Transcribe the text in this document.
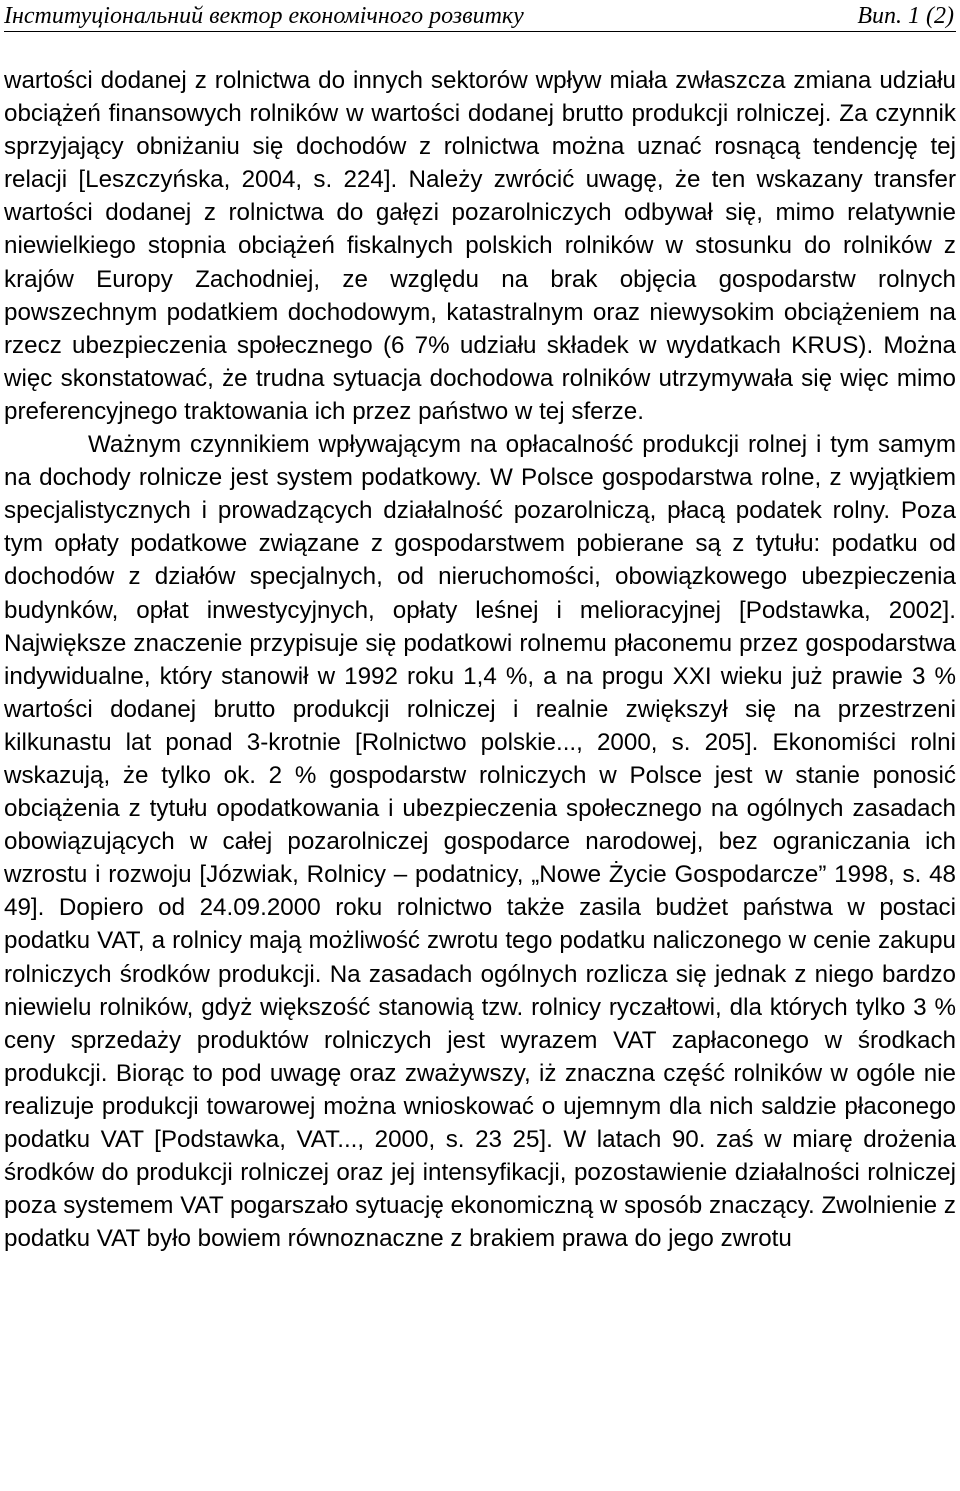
Інституціональний вектор економічного розвитку	Вип. 1 (2)

wartości dodanej z rolnictwa do innych sektorów wpływ miała zwłaszcza zmiana udziału obciążeń finansowych rolników w wartości dodanej brutto produkcji rolniczej. Za czynnik sprzyjający obniżaniu się dochodów z rolnictwa można uznać rosnącą tendencję tej relacji [Leszczyńska, 2004, s. 224]. Należy zwrócić uwagę, że ten wskazany transfer wartości dodanej z rolnictwa do gałęzi pozarolniczych odbywał się, mimo relatywnie niewielkiego stopnia obciążeń fiskalnych polskich rolników w stosunku do rolników z krajów Europy Zachodniej, ze względu na brak objęcia gospodarstw rolnych powszechnym podatkiem dochodowym, katastralnym oraz niewysokim obciążeniem na rzecz ubezpieczenia społecznego (6 7% udziału składek w wydatkach KRUS). Można więc skonstatować, że trudna sytuacja dochodowa rolników utrzymywała się więc mimo preferencyjnego traktowania ich przez państwo w tej sferze.

Ważnym czynnikiem wpływającym na opłacalność produkcji rolnej i tym samym na dochody rolnicze jest system podatkowy. W Polsce gospodarstwa rolne, z wyjątkiem specjalistycznych i prowadzących działalność pozarolniczą, płacą podatek rolny. Poza tym opłaty podatkowe związane z gospodarstwem pobierane są z tytułu: podatku od dochodów z działów specjalnych, od nieruchomości, obowiązkowego ubezpieczenia budynków, opłat inwestycyjnych, opłaty leśnej i melioracyjnej [Podstawka, 2002]. Największe znaczenie przypisuje się podatkowi rolnemu płaconemu przez gospodarstwa indywidualne, który stanowił w 1992 roku 1,4 %, a na progu XXI wieku już prawie 3 % wartości dodanej brutto produkcji rolniczej i realnie zwiększył się na przestrzeni kilkunastu lat ponad 3-krotnie [Rolnictwo polskie..., 2000, s. 205]. Ekonomiści rolni wskazują, że tylko ok. 2 % gospodarstw rolniczych w Polsce jest w stanie ponosić obciążenia z tytułu opodatkowania i ubezpieczenia społecznego na ogólnych zasadach obowiązujących w całej pozarolniczej gospodarce narodowej, bez ograniczania ich wzrostu i rozwoju [Józwiak, Rolnicy – podatnicy, „Nowe Życie Gospodarcze” 1998, s. 48 49]. Dopiero od 24.09.2000 roku rolnictwo także zasila budżet państwa w postaci podatku VAT, a rolnicy mają możliwość zwrotu tego podatku naliczonego w cenie zakupu rolniczych środków produkcji. Na zasadach ogólnych rozlicza się jednak z niego bardzo niewielu rolników, gdyż większość stanowią tzw. rolnicy ryczałtowi, dla których tylko 3 % ceny sprzedaży produktów rolniczych jest wyrazem VAT zapłaconego w środkach produkcji. Biorąc to pod uwagę oraz zważywszy, iż znaczna część rolników w ogóle nie realizuje produkcji towarowej można wnioskować o ujemnym dla nich saldzie płaconego podatku VAT [Podstawka, VAT..., 2000, s. 23 25]. W latach 90. zaś w miarę drożenia środków do produkcji rolniczej oraz jej intensyfikacji, pozostawienie działalności rolniczej poza systemem VAT pogarszało sytuację ekonomiczną w sposób znaczący. Zwolnienie z podatku VAT było bowiem równoznaczne z brakiem prawa do jego zwrotu
